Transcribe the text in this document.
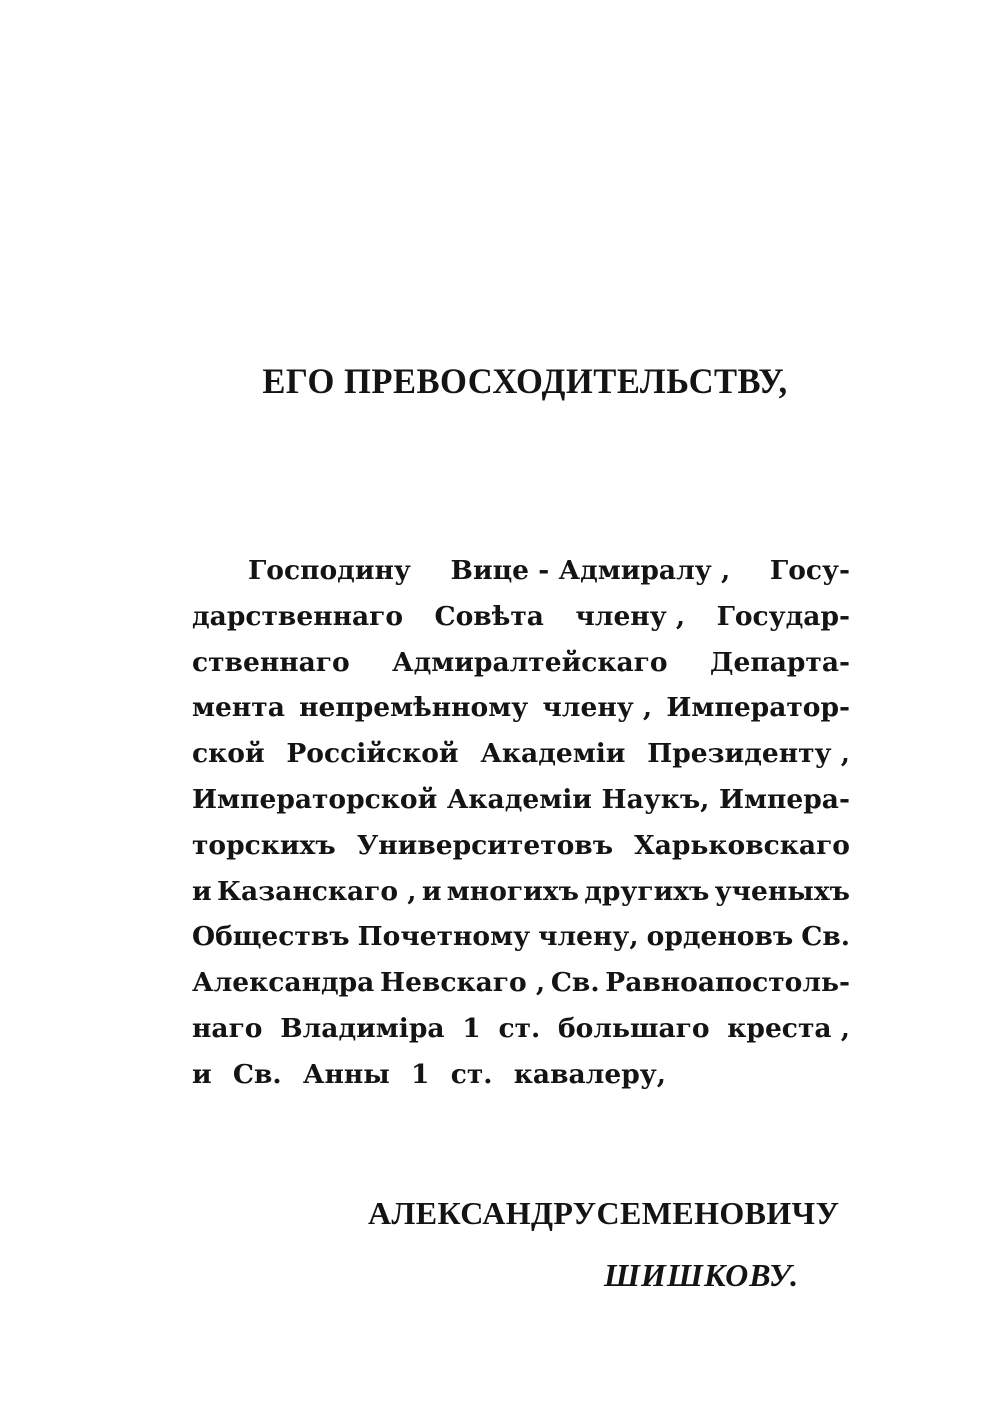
ЕГО ПРЕВОСХОДИТЕЛЬСТВУ,
Господину Вице - Адмиралу , Госу-
дарственнаго Совѣта члену , Государ-
ственнаго Адмиралтейскаго Департа-
мента непремѣнному члену , Император-
ской Россійской Академіи Президенту ,
Императорской Академіи Наукъ, Импера-
торскихъ Университетовъ Харьковскаго
и Казанскаго , и многихъ другихъ ученыхъ
Обществъ Почетному члену, орденовъ Св.
Александра Невскаго , Св. Равноапостоль-
наго Владиміра 1 ст. большаго креста ,
и Св. Анны 1 ст. кавалеру,
АЛЕКСАНДРУ СЕМЕНОВИЧУ
ШИШКОВУ.
